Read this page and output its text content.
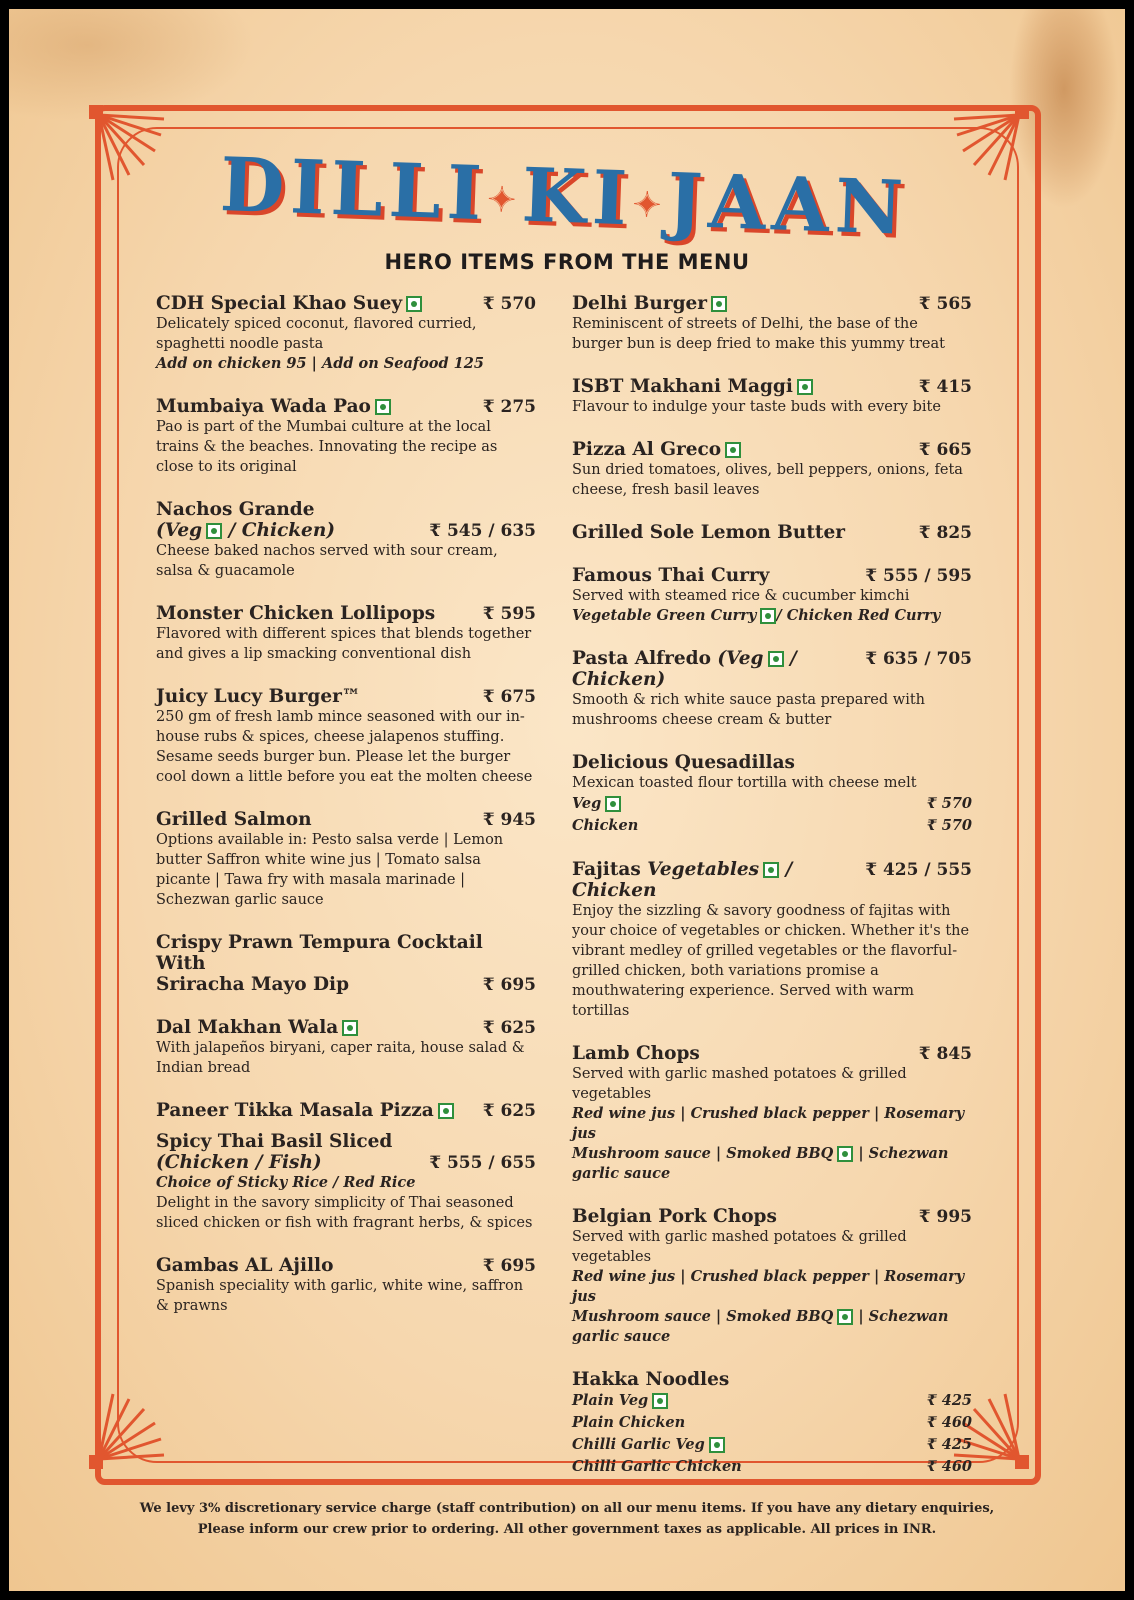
DILLI✦KI✦JAAN
HERO ITEMS FROM THE MENU
CDH Special Khao Suey	₹ 570
Delicately spiced coconut, flavored curried, spaghetti noodle pasta
Add on chicken 95 | Add on Seafood 125
Mumbaiya Wada Pao	₹ 275
Pao is part of the Mumbai culture at the local trains & the beaches. Innovating the recipe as close to its original
Nachos Grande
(Veg / Chicken)	₹ 545 / 635
Cheese baked nachos served with sour cream, salsa & guacamole
Monster Chicken Lollipops	₹ 595
Flavored with different spices that blends together and gives a lip smacking conventional dish
Juicy Lucy Burger™	₹ 675
250 gm of fresh lamb mince seasoned with our in-house rubs & spices, cheese jalapenos stuffing. Sesame seeds burger bun. Please let the burger cool down a little before you eat the molten cheese
Grilled Salmon	₹ 945
Options available in: Pesto salsa verde | Lemon butter Saffron white wine jus | Tomato salsa picante | Tawa fry with masala marinade | Schezwan garlic sauce
Crispy Prawn Tempura Cocktail With
Sriracha Mayo Dip	₹ 695
Dal Makhan Wala	₹ 625
With jalapeños biryani, caper raita, house salad & Indian bread
Paneer Tikka Masala Pizza	₹ 625
Spicy Thai Basil Sliced
(Chicken / Fish)	₹ 555 / 655
Choice of Sticky Rice / Red Rice
Delight in the savory simplicity of Thai seasoned sliced chicken or fish with fragrant herbs, & spices
Gambas AL Ajillo	₹ 695
Spanish speciality with garlic, white wine, saffron & prawns
Delhi Burger	₹ 565
Reminiscent of streets of Delhi, the base of the burger bun is deep fried to make this yummy treat
ISBT Makhani Maggi	₹ 415
Flavour to indulge your taste buds with every bite
Pizza Al Greco	₹ 665
Sun dried tomatoes, olives, bell peppers, onions, feta cheese, fresh basil leaves
Grilled Sole Lemon Butter	₹ 825
Famous Thai Curry	₹ 555 / 595
Served with steamed rice & cucumber kimchi
Vegetable Green Curry / Chicken Red Curry
Pasta Alfredo (Veg / Chicken)
₹ 635 / 705
Smooth & rich white sauce pasta prepared with mushrooms cheese cream & butter
Delicious Quesadillas
Mexican toasted flour tortilla with cheese melt
Veg	₹ 570
Chicken	₹ 570
Fajitas Vegetables / Chicken
₹ 425 / 555
Enjoy the sizzling & savory goodness of fajitas with your choice of vegetables or chicken. Whether it's the vibrant medley of grilled vegetables or the flavorful-grilled chicken, both variations promise a mouthwatering experience. Served with warm tortillas
Lamb Chops	₹ 845
Served with garlic mashed potatoes & grilled vegetables
Red wine jus | Crushed black pepper | Rosemary jus
Mushroom sauce | Smoked BBQ | Schezwan garlic sauce
Belgian Pork Chops	₹ 995
Served with garlic mashed potatoes & grilled vegetables
Red wine jus | Crushed black pepper | Rosemary jus
Mushroom sauce | Smoked BBQ | Schezwan garlic sauce
Hakka Noodles
Plain Veg	₹ 425
Plain Chicken	₹ 460
Chilli Garlic Veg	₹ 425
Chilli Garlic Chicken	₹ 460
We levy 3% discretionary service charge (staff contribution) on all our menu items. If you have any dietary enquiries,
Please inform our crew prior to ordering. All other government taxes as applicable. All prices in INR.
